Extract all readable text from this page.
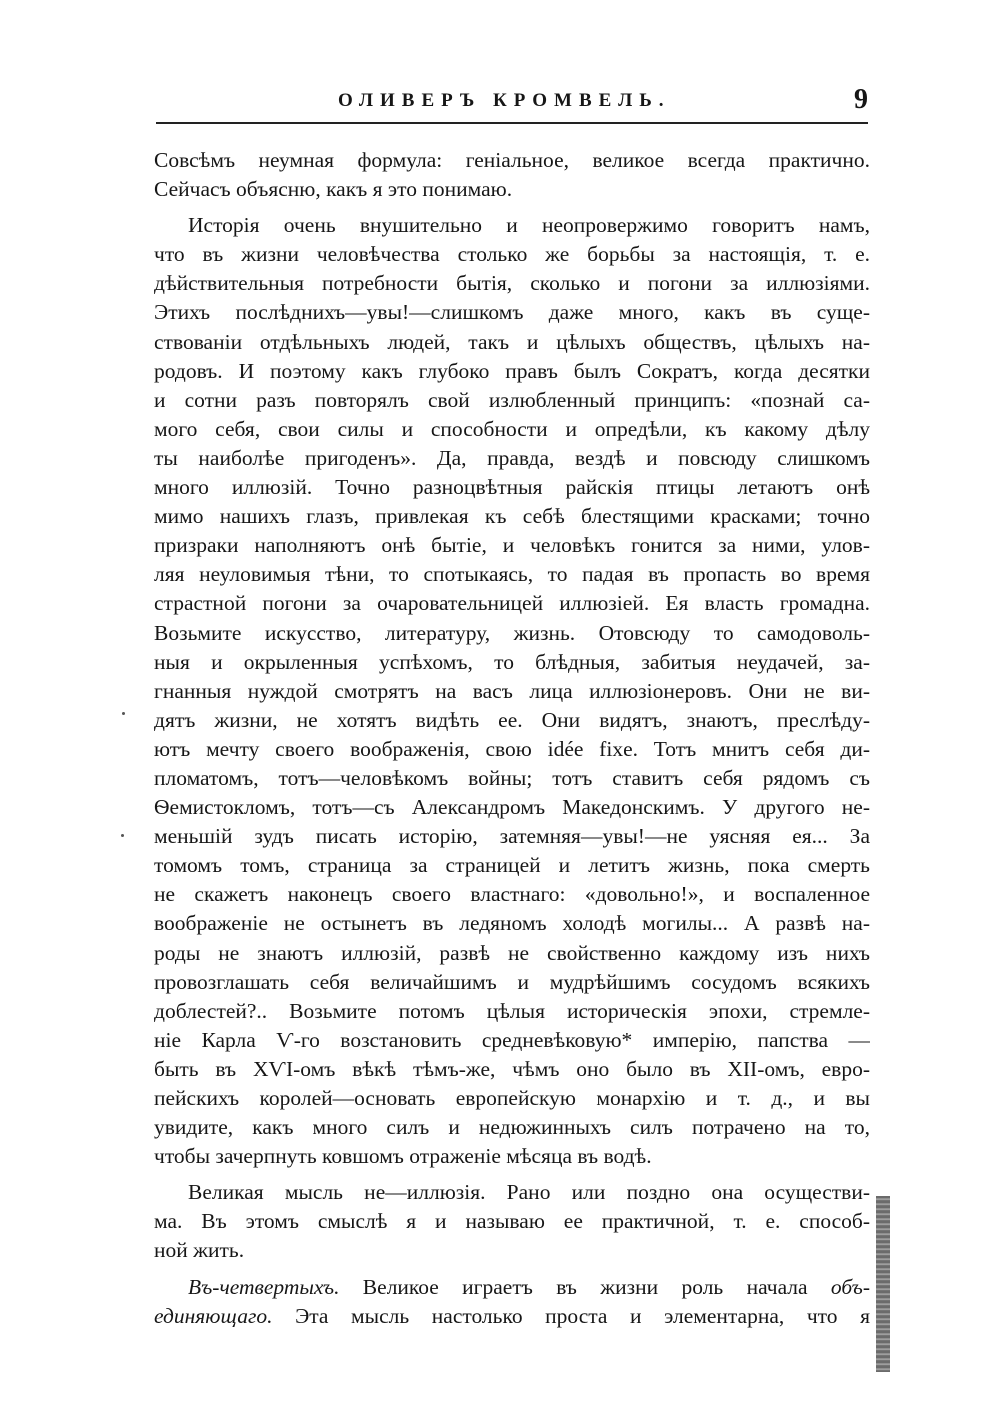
ОЛИВЕРЪ КРОМВЕЛЬ.	9
Совсѣмъ неумная формула: геніальное, великое всегда практично.
Сейчасъ объясню, какъ я это понимаю.
Исторія очень внушительно и неопровержимо говоритъ намъ,
что въ жизни человѣчества столько же борьбы за настоящія, т. е.
дѣйствительныя потребности бытія, сколько и погони за иллюзіями.
Этихъ послѣднихъ—увы!—слишкомъ даже много, какъ въ суще-
ствованіи отдѣльныхъ людей, такъ и цѣлыхъ обществъ, цѣлыхъ на-
родовъ. И поэтому какъ глубоко правъ былъ Сократъ, когда десятки
и сотни разъ повторялъ свой излюбленный принципъ: «познай са-
мого себя, свои силы и способности и опредѣли, къ какому дѣлу
ты наиболѣе пригоденъ». Да, правда, вездѣ и повсюду слишкомъ
много иллюзій. Точно разноцвѣтныя райскія птицы летаютъ онѣ
мимо нашихъ глазъ, привлекая къ себѣ блестящими красками; точно
призраки наполняютъ онѣ бытіе, и человѣкъ гонится за ними, улов-
ляя неуловимыя тѣни, то спотыкаясь, то падая въ пропасть во время
страстной погони за очаровательницей иллюзіей. Ея власть громадна.
Возьмите искусство, литературу, жизнь. Отовсюду то самодоволь-
ныя и окрыленныя успѣхомъ, то блѣдныя, забитыя неудачей, за-
гнанныя нуждой смотрятъ на васъ лица иллюзіонеровъ. Они не ви-
дятъ жизни, не хотятъ видѣть ее. Они видятъ, знаютъ, преслѣду-
ютъ мечту своего воображенія, свою idée fixe. Тотъ мнитъ себя ди-
пломатомъ, тотъ—человѣкомъ войны; тотъ ставитъ себя рядомъ съ
Ѳемистокломъ, тотъ—съ Александромъ Македонскимъ. У другого не-
меньшій зудъ писать исторію, затемняя—увы!—не уясняя ея... За
томомъ томъ, страница за страницей и летитъ жизнь, пока смерть
не скажетъ наконецъ своего властнаго: «довольно!», и воспаленное
воображеніе не остынетъ въ ледяномъ холодѣ могилы... А развѣ на-
роды не знаютъ иллюзій, развѣ не свойственно каждому изъ нихъ
провозглашать себя величайшимъ и мудрѣйшимъ сосудомъ всякихъ
доблестей?.. Возьмите потомъ цѣлыя историческія эпохи, стремле-
ніе Карла Ѵ-го возстановить средневѣковую* имперію, папства —
быть въ XѴI-омъ вѣкѣ тѣмъ-же, чѣмъ оно было въ XII-омъ, евро-
пейскихъ королей—основать европейскую монархію и т. д., и вы
увидите, какъ много силъ и недюжинныхъ силъ потрачено на то,
чтобы зачерпнуть ковшомъ отраженіе мѣсяца въ водѣ.
Великая мысль не—иллюзія. Рано или поздно она осуществи-
ма. Въ этомъ смыслѣ я и называю ее практичной, т. е. способ-
ной жить.
Въ-четвертыхъ. Великое играетъ въ жизни роль начала объ-
единяющаго. Эта мысль настолько проста и элементарна, что я
